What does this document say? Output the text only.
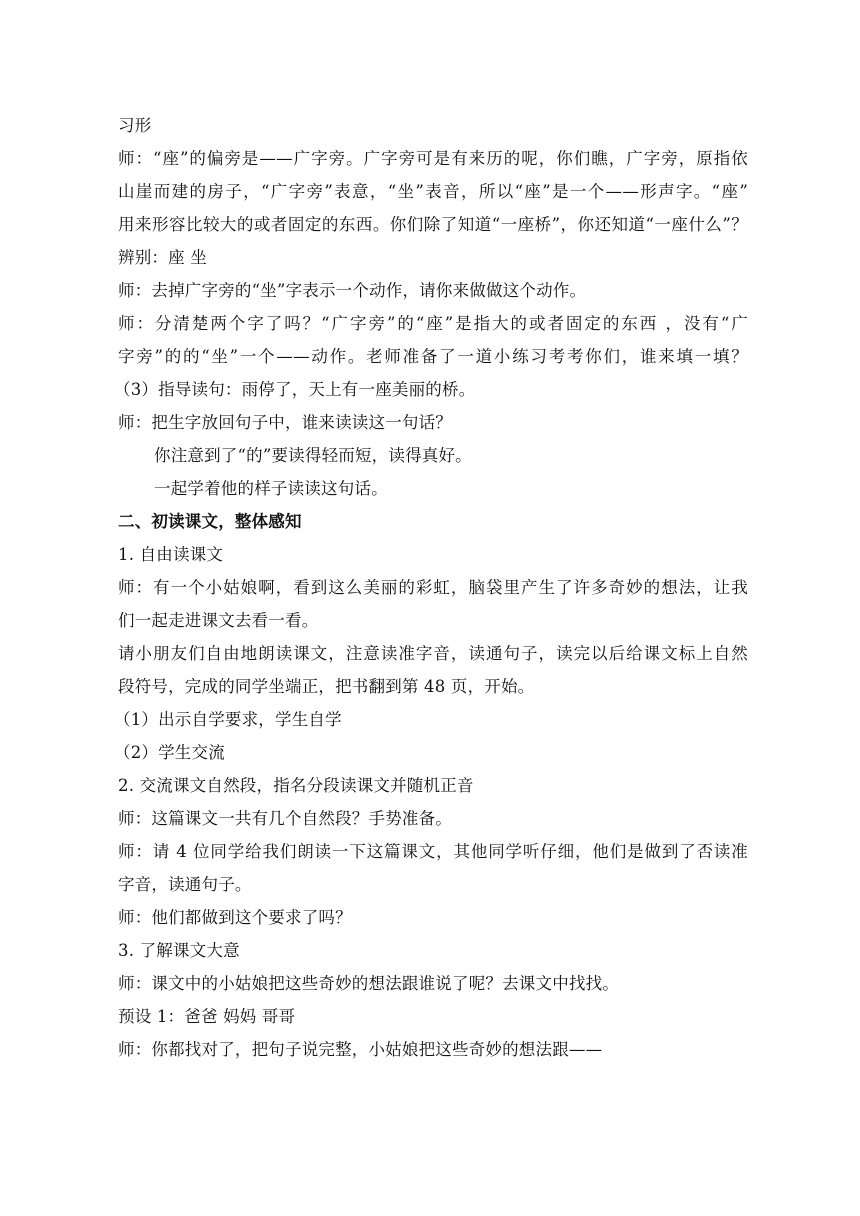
习形
师：“座”的偏旁是——广字旁。广字旁可是有来历的呢，你们瞧，广字旁，原指依
山崖而建的房子，“广字旁”表意，“坐”表音，所以“座”是一个——形声字。“座”
用来形容比较大的或者固定的东西。你们除了知道“一座桥”，你还知道“一座什么”？
辨别：座 坐
师：去掉广字旁的“坐”字表示一个动作，请你来做做这个动作。
师：分清楚两个字了吗？“广字旁”的“座”是指大的或者固定的东西 ，没有“广
字旁”的的“坐”一个——动作。老师准备了一道小练习考考你们，谁来填一填？
（3）指导读句：雨停了，天上有一座美丽的桥。
师：把生字放回句子中，谁来读读这一句话？
你注意到了“的”要读得轻而短，读得真好。
一起学着他的样子读读这句话。
二、初读课文，整体感知
1. 自由读课文
师：有一个小姑娘啊，看到这么美丽的彩虹，脑袋里产生了许多奇妙的想法，让我
们一起走进课文去看一看。
请小朋友们自由地朗读课文，注意读准字音，读通句子，读完以后给课文标上自然
段符号，完成的同学坐端正，把书翻到第 48 页，开始。
（1）出示自学要求，学生自学
（2）学生交流
2. 交流课文自然段，指名分段读课文并随机正音
师：这篇课文一共有几个自然段？手势准备。
师：请 4 位同学给我们朗读一下这篇课文，其他同学听仔细，他们是做到了否读准
字音，读通句子。
师：他们都做到这个要求了吗？
3. 了解课文大意
师：课文中的小姑娘把这些奇妙的想法跟谁说了呢？去课文中找找。
预设 1：爸爸 妈妈 哥哥
师：你都找对了，把句子说完整，小姑娘把这些奇妙的想法跟——
